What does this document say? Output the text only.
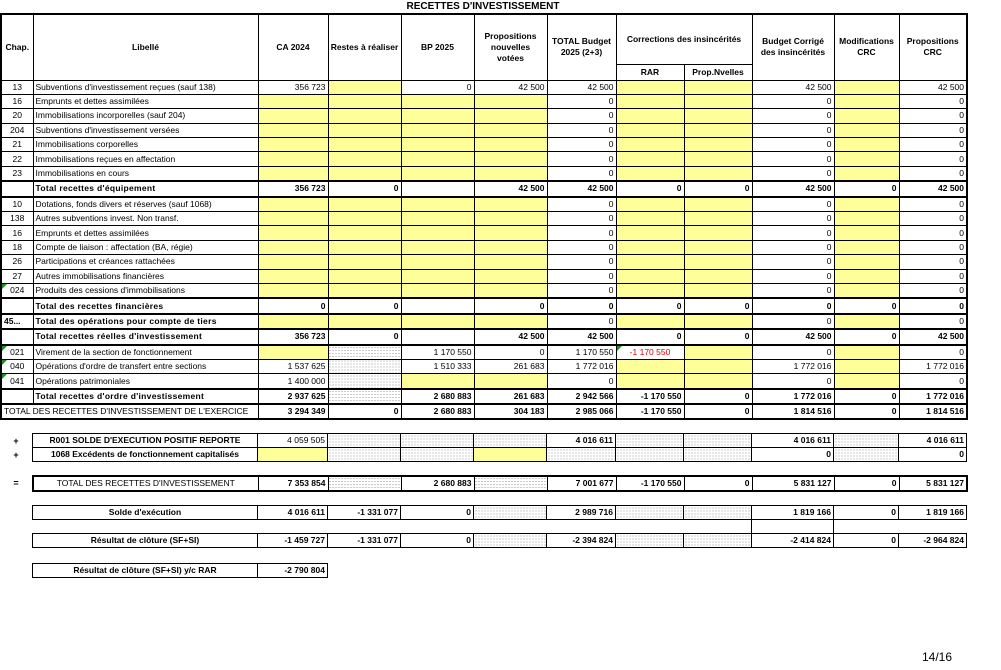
RECETTES D'INVESTISSEMENT
Chap.	Libellé	CA 2024	Restes à réaliser	BP 2025	Propositions nouvelles votées	TOTAL Budget 2025 (2+3)	Corrections des insincérités		Budget Corrigé des insincérités	Modifications CRC	Propositions CRC
							RAR	Prop.Nvelles			
13	Subventions d'investissement reçues (sauf 138)	356 723		0	42 500	42 500			42 500		42 500
16	Emprunts et dettes assimilées					0			0		0
20	Immobilisations incorporelles (sauf 204)					0			0		0
204	Subventions d'investissement versées					0			0		0
21	Immobilisations corporelles					0			0		0
22	Immobilisations reçues en affectation					0			0		0
23	Immobilisations en cours					0			0		0
	Total recettes d'équipement	356 723	0		42 500	42 500	0	0	42 500	0	42 500
10	Dotations, fonds divers et réserves (sauf 1068)					0			0		0
138	Autres subventions invest. Non transf.					0			0		0
16	Emprunts et dettes assimilées					0			0		0
18	Compte de liaison : affectation (BA, régie)					0			0		0
26	Participations et créances rattachées					0			0		0
27	Autres immobilisations financières					0			0		0
024	Produits des cessions d'immobilisations					0			0		0
	Total des recettes financières	0	0		0	0	0	0	0	0	0
45...	Total des opérations pour compte de tiers					0			0		0
	Total recettes réelles d'investissement	356 723	0		42 500	42 500	0	0	42 500	0	42 500
021	Virement de la section de fonctionnement			1 170 550	0	1 170 550	-1 170 550		0		0
040	Opérations d'ordre de transfert entre sections	1 537 625		1 510 333	261 683	1 772 016			1 772 016		1 772 016
041	Opérations patrimoniales	1 400 000				0			0		0
	Total recettes d'ordre d'investissement	2 937 625		2 680 883	261 683	2 942 566	-1 170 550	0	1 772 016	0	1 772 016
TOTAL DES RECETTES D'INVESTISSEMENT DE L'EXERCICE		3 294 349	0	2 680 883	304 183	2 985 066	-1 170 550	0	1 814 516	0	1 814 516
+
+
=
R001 SOLDE D'EXECUTION POSITIF REPORTE	4 059 505				4 016 611			4 016 611		4 016 611
1068 Excédents de fonctionnement capitalisés								0		0
TOTAL DES RECETTES D'INVESTISSEMENT	7 353 854		2 680 883		7 001 677	-1 170 550	0	5 831 127	0	5 831 127
Solde d'exécution	4 016 611	-1 331 077	0		2 989 716			1 819 166	0	1 819 166

Résultat de clôture (SF+SI)	-1 459 727	-1 331 077	0		-2 394 824			-2 414 824	0	-2 964 824
Résultat de clôture (SF+SI) y/c RAR	-2 790 804
14/16
